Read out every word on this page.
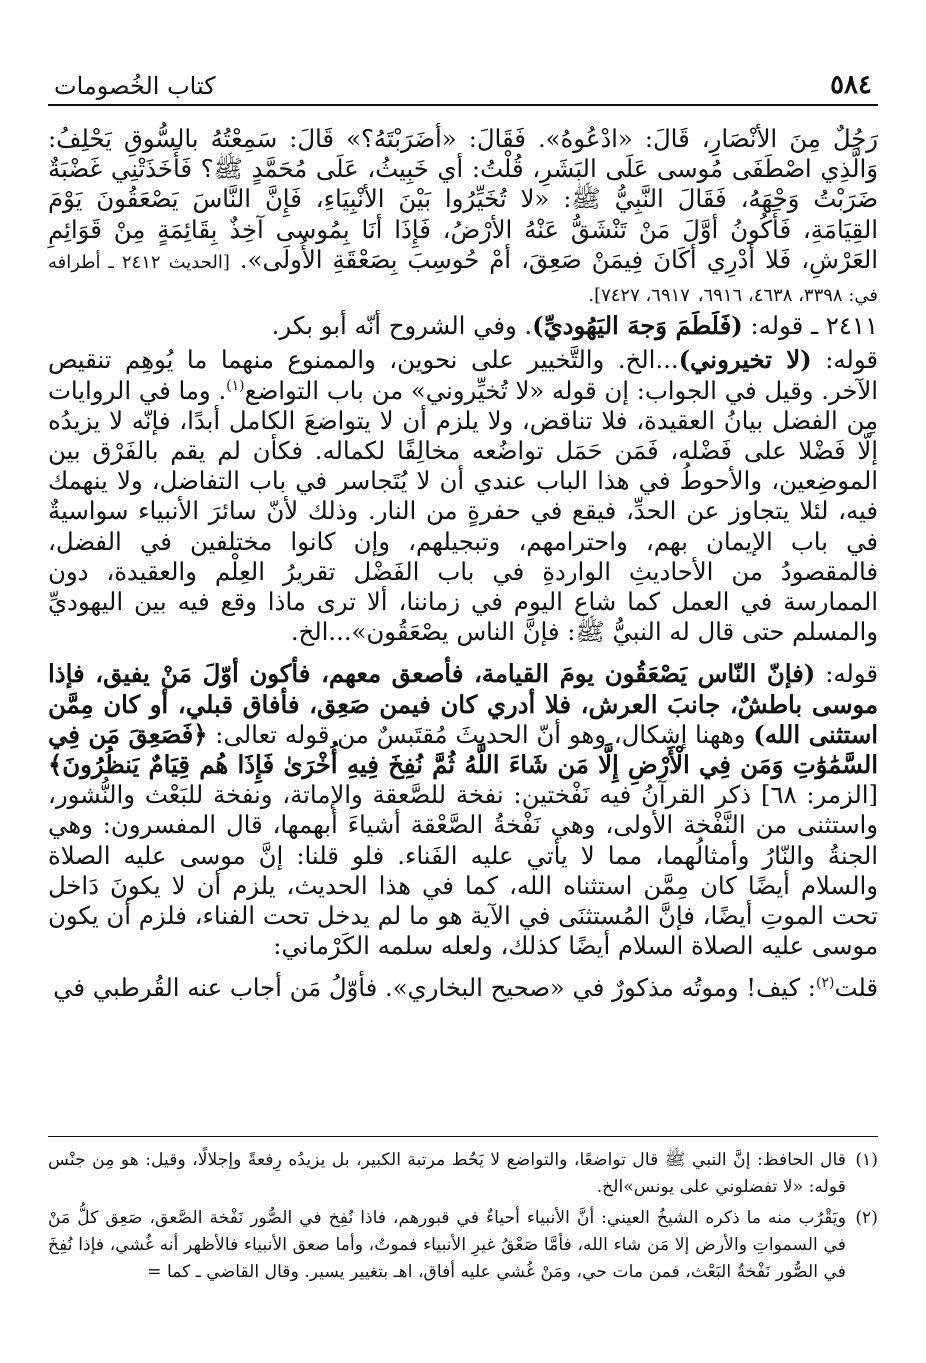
٥٨٤
كتاب الخُصومات

رَجُلٌ مِنَ الأنْصَارِ، قَالَ: «ادْعُوهُ». فَقَالَ: «أضَرَبْتَهُ؟» قَالَ: سَمِعْتُهُ بالسُّوقِ يَحْلِفُ: وَالَّذِي اصْطَفَى مُوسى عَلَى البَشَرِ، قُلْتُ: أي خَبِيثُ، عَلَى مُحَمَّدٍ ﷺ؟ فَأَخَذَتْنِي غَضْبَةٌ ضَرَبْتُ وَجْهَهُ، فَقَالَ النَّبِيُّ ﷺ: «لا تُخَيِّرُوا بَيْنَ الأنْبِيَاءِ، فَإِنَّ النَّاسَ يَصْعَقُونَ يَوْمَ القِيَامَةِ، فَأَكُونُ أوَّلَ مَنْ تَنْشَقُّ عَنْهُ الأرْضُ، فَإِذَا أنَا بِمُوسى آخِذٌ بِقَائِمَةٍ مِنْ قَوَائِمِ العَرْشِ، فَلا أدْرِي أكَانَ فِيمَنْ صَعِقَ، أمْ حُوسِبَ بِصَعْقَةِ الأُولَى». [الحديث ٢٤١٢ ـ أطرافه في: ٣٣٩٨، ٤٦٣٨، ٦٩١٦، ٦٩١٧، ٧٤٢٧].

٢٤١١ ـ قوله: (فَلَطَمَ وَجهَ اليَهُوديِّ). وفي الشروح أنّه أبو بكر.

قوله: (لا تخيروني)...الخ. والتَّخيير على نحوين، والممنوع منهما ما يُوهِم تنقيص الآخر. وقيل في الجواب: إن قوله «لا تُخيِّروني» من باب التواضع$^{(١)}$. وما في الروايات مِن الفضل بيانُ العقيدة، فلا تناقض، ولا يلزم أن لا يتواضعَ الكامل أبدًا، فإنّه لا يزيدُه إلّا فَضْلا على فَضْله، فَمَن حَمَل تواضُعه مخالِفًا لكماله. فكأن لم يقم بالفَرْق بين الموضِعين، والأحوطُ في هذا الباب عندي أن لا يُتَجاسر في باب التفاضل، ولا ينهمك فيه، لئلا يتجاوز عن الحدِّ، فيقع في حفرةٍ من النار. وذلك لأنّ سائرَ الأنبياء سواسيةٌ في باب الإيمان بهم، واحترامهم، وتبجيلهم، وإن كانوا مختلفين في الفضل، فالمقصودُ من الأحاديثِ الواردةِ في باب الفَضْل تقريرُ العِلْم والعقيدة، دون الممارسة في العمل كما شاع اليوم في زماننا، ألا ترى ماذا وقع فيه بين اليهوديِّ والمسلم حتى قال له النبيُّ ﷺ: فإنَّ الناس يصْعَقُون»...الخ.

قوله: (فإنّ النّاس يَصْعَقُون يومَ القيامة، فأصعق معهم، فأكون أوّلَ مَنْ يفيق، فإذا موسى باطشٌ، جانبَ العرش، فلا أدري كان فيمن صَعِق، فأفاق قبلي، أو كان مِمَّن استثنى الله) وههنا إشكال، وهو أنّ الحديثَ مُقتَبسٌ من قوله تعالى: ﴿فَصَعِقَ مَن فِي السَّمَٰوَٰتِ وَمَن فِي الْأَرْضِ إِلَّا مَن شَاءَ اللَّهُ ثُمَّ نُفِخَ فِيهِ أُخْرَىٰ فَإِذَا هُم قِيَامٌ يَنظُرُونَ﴾ [الزمر: ٦٨] ذكر القرآنُ فيه نَفْختين: نفخة للصَّعقة والإماتة، ونفخة للبَعْث والنُّشور، واستثنى من النَّفْخة الأولى، وهي نَفْخةُ الصَّعْقة أشياءَ أبهمها، قال المفسرون: وهي الجنةُ والنّارُ وأمثالُهما، مما لا يأتي عليه الفَناء. فلو قلنا: إنَّ موسى عليه الصلاة والسلام أيضًا كان مِمَّن استثناه الله، كما في هذا الحديث، يلزم أن لا يكونَ دَاخل تحت الموتِ أيضًا، فإنَّ المُستثنَى في الآية هو ما لم يدخل تحت الفناء، فلزم أن يكون موسى عليه الصلاة السلام أيضًا كذلك، ولعله سلمه الكَرْماني:

قلت$^{(٢)}$: كيف! وموتُه مذكورٌ في «صحيح البخاري». فأوّلُ مَن أجاب عنه القُرطبي في

(١)
قال الحافظ: إنَّ النبي ﷺ قال تواضعًا، والتواضع لا يَحُط مرتبة الكبير، بل يزيدُه رِفعةً وإجلالًا، وقيل: هو مِن جنْس قوله: «لا تفضلوني على يونس»الخ.
(٢)
ويَقْرُب منه ما ذكره الشيخُ العيني: أنَّ الأنبياء أحياءٌ في قبورهم، فاذا نُفِخ في الصُّور نَفْخة الصَّعق، صَعِق كلُّ مَنْ في السمواتِ والأرض إلا مَن شاء الله، فأمَّا صَعْقُ غيرِ الأنبياء فموتٌ، وأما صعق الأنبياء فالأظهر أنه غُشي، فإذا نُفِخَ في الصُّور نَفْخةُ البَعْث، فمن مات حي، ومَنْ غُشي عليه أفاق، اهـ بتغيير يسير. وقال القاضي ـ كما =
